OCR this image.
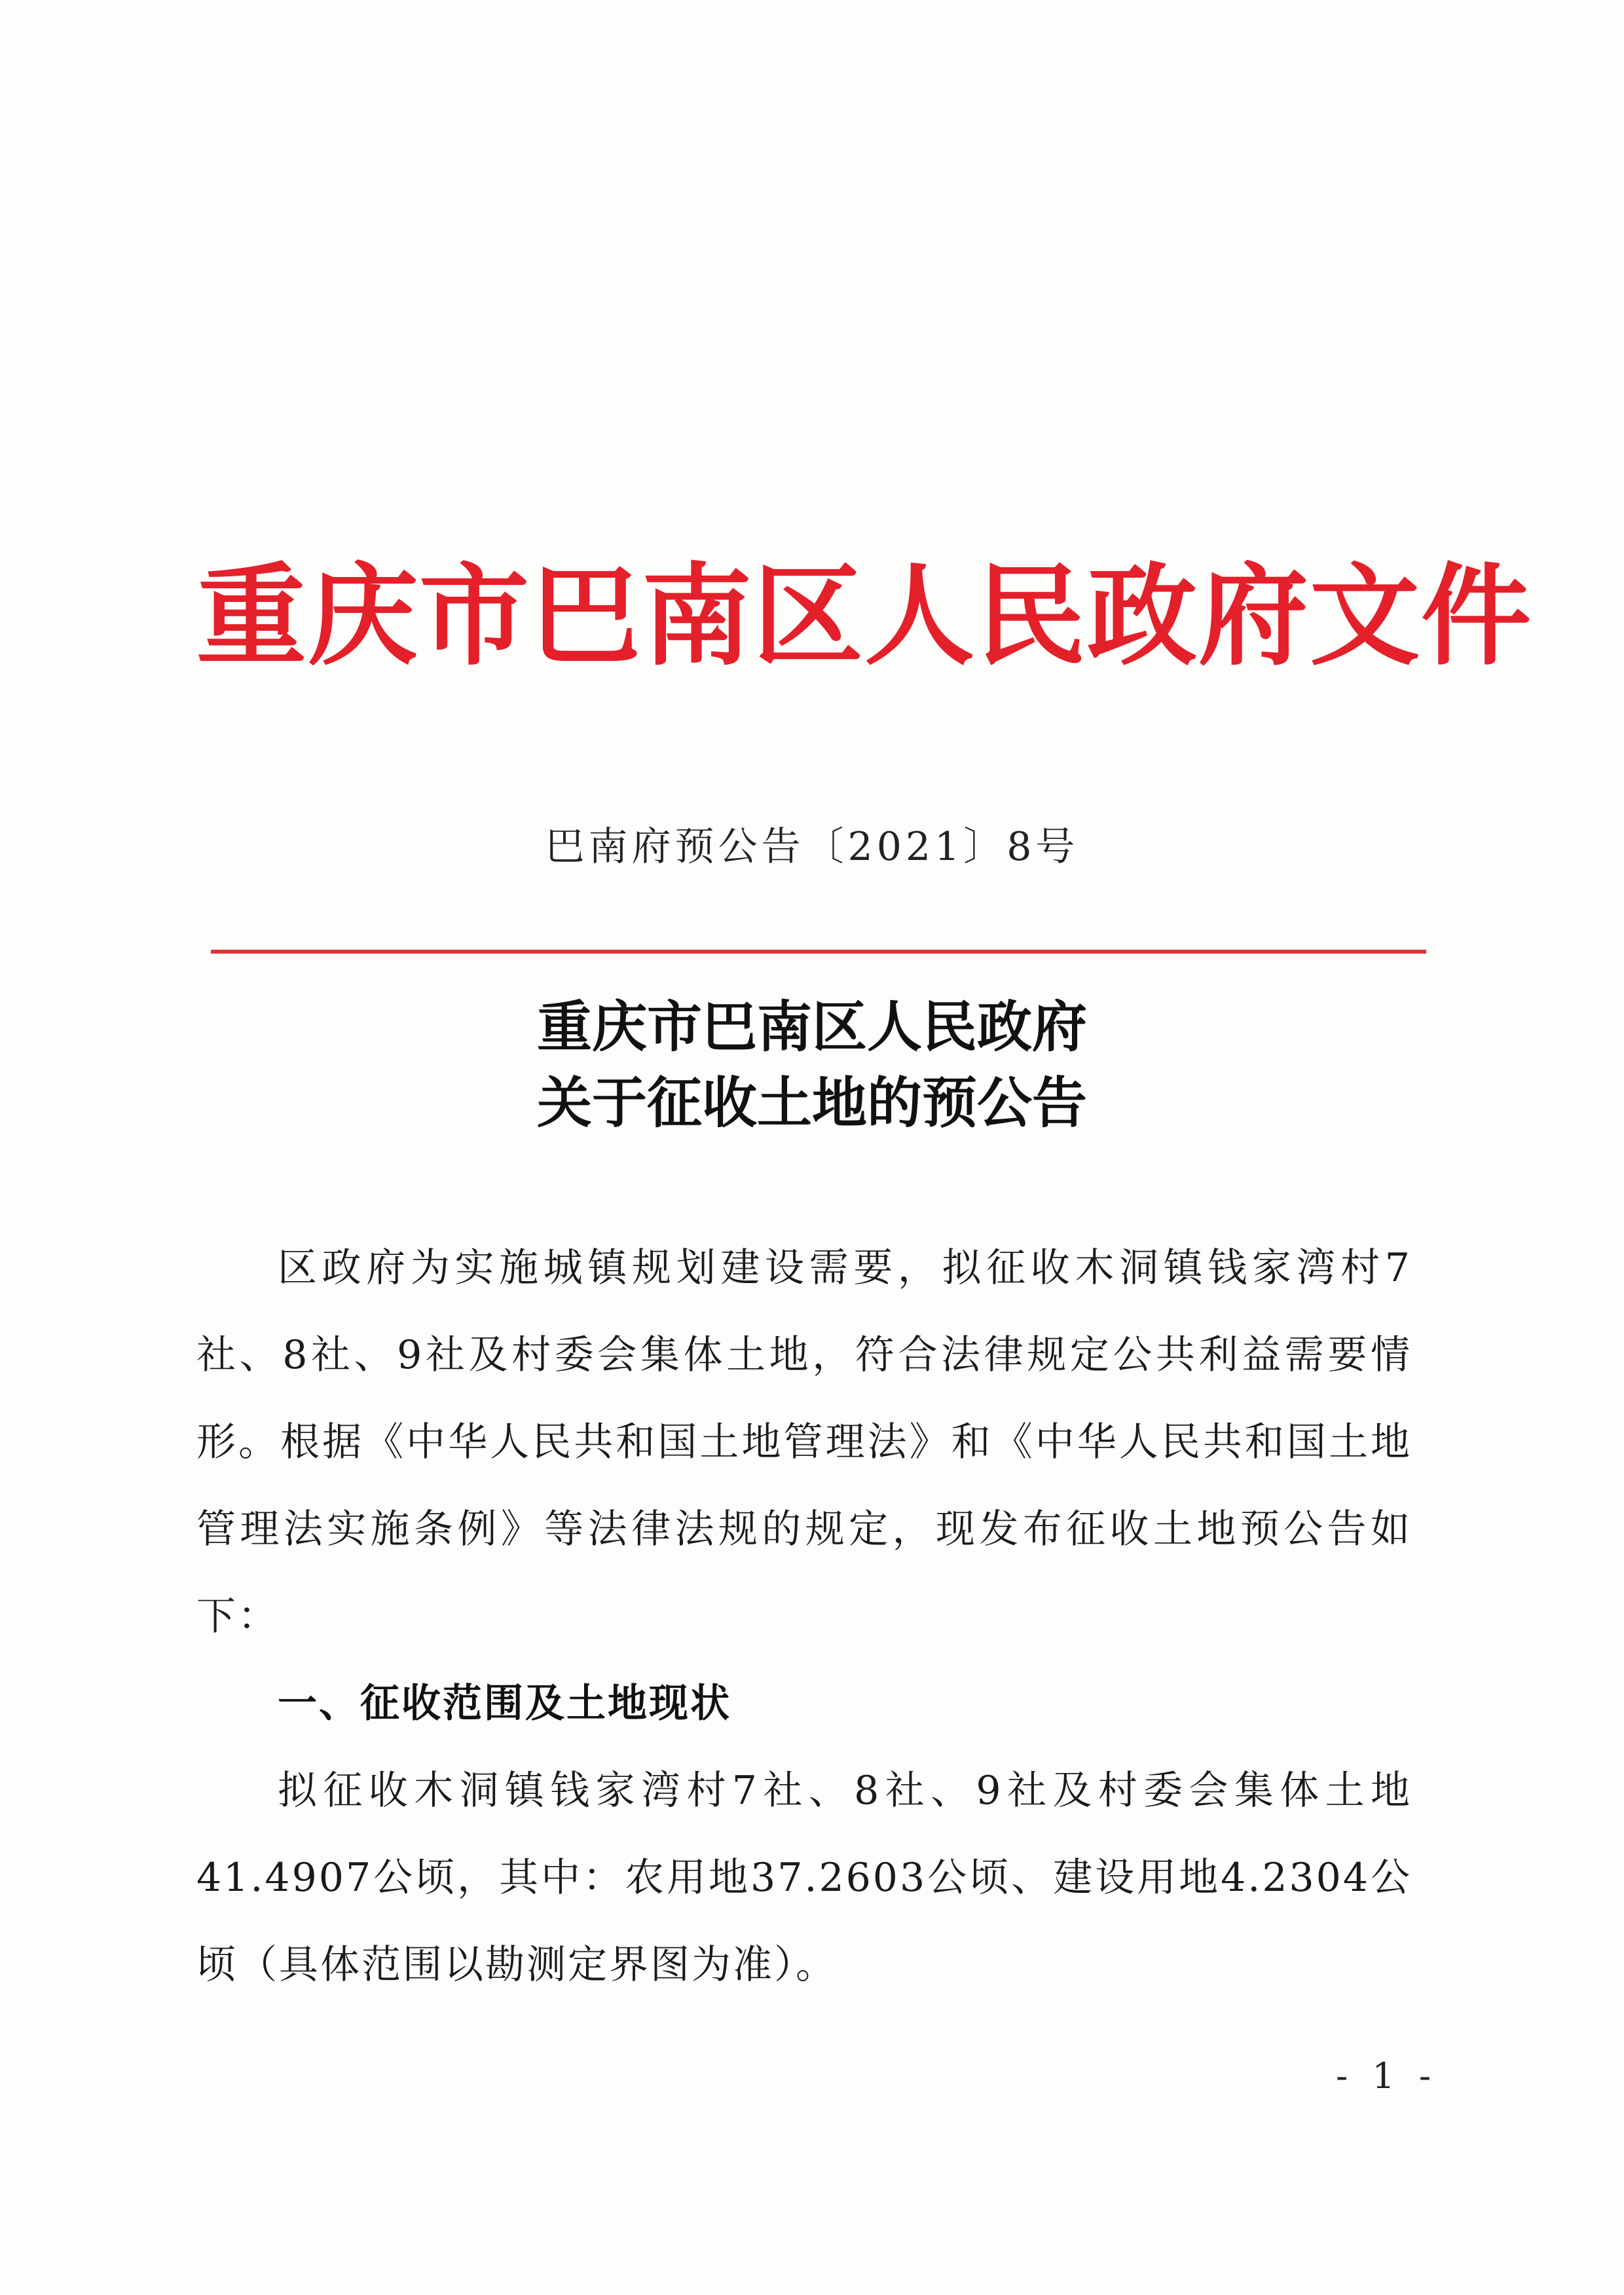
重庆市巴南区人民政府文件
巴南府预公告〔2021〕8号
重庆市巴南区人民政府
关于征收土地的预公告

区政府为实施城镇规划建设需要，拟征收木洞镇钱家湾村7社、8社、9社及村委会集体土地，符合法律规定公共利益需要情形。根据《中华人民共和国土地管理法》和《中华人民共和国土地管理法实施条例》等法律法规的规定，现发布征收土地预公告如下：

一、征收范围及土地现状

拟征收木洞镇钱家湾村7社、8社、9社及村委会集体土地41.4907公顷，其中：农用地37.2603公顷、建设用地4.2304公顷（具体范围以勘测定界图为准）。

- 1 -
